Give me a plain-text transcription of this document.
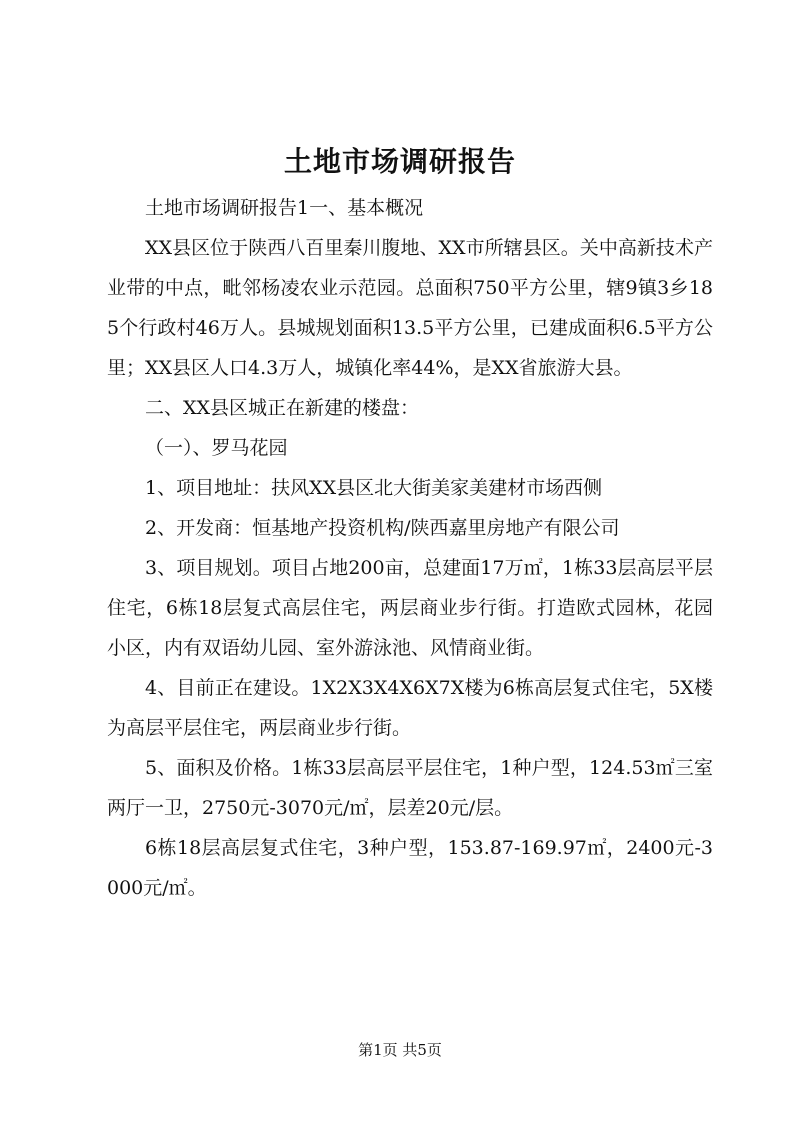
土地市场调研报告

土地市场调研报告1一、基本概况

XX县区位于陕西八百里秦川腹地、XX市所辖县区。关中高新技术产业带的中点，毗邻杨凌农业示范园。总面积750平方公里，辖9镇3乡185个行政村46万人。县城规划面积13.5平方公里，已建成面积6.5平方公里；XX县区人口4.3万人，城镇化率44%，是XX省旅游大县。

二、XX县区城正在新建的楼盘：

（一）、罗马花园

1、项目地址：扶风XX县区北大街美家美建材市场西侧

2、开发商：恒基地产投资机构/陕西嘉里房地产有限公司

3、项目规划。项目占地200亩，总建面17万㎡，1栋33层高层平层住宅，6栋18层复式高层住宅，两层商业步行街。打造欧式园林，花园小区，内有双语幼儿园、室外游泳池、风情商业街。

4、目前正在建设。1X2X3X4X6X7X楼为6栋高层复式住宅，5X楼为高层平层住宅，两层商业步行街。

5、面积及价格。1栋33层高层平层住宅，1种户型，124.53㎡三室两厅一卫，2750元-3070元/㎡，层差20元/层。

6栋18层高层复式住宅，3种户型，153.87-169.97㎡，2400元-3000元/㎡。

第1页 共5页
